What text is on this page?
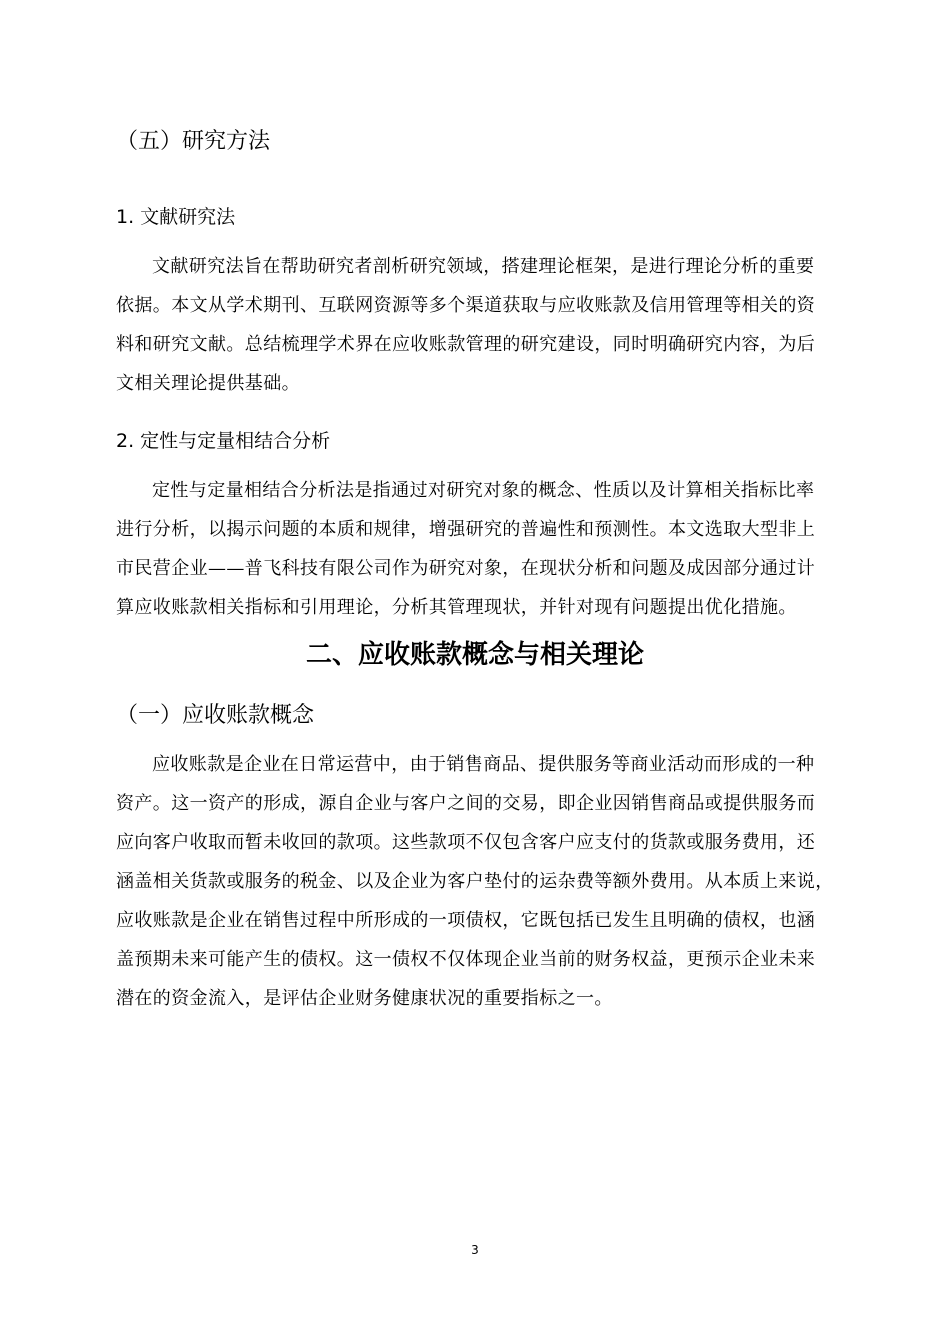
（五）研究方法
1. 文献研究法
文献研究法旨在帮助研究者剖析研究领域，搭建理论框架，是进行理论分析的重要
依据。本文从学术期刊、互联网资源等多个渠道获取与应收账款及信用管理等相关的资
料和研究文献。总结梳理学术界在应收账款管理的研究建设，同时明确研究内容，为后
文相关理论提供基础。
2. 定性与定量相结合分析
定性与定量相结合分析法是指通过对研究对象的概念、性质以及计算相关指标比率
进行分析，以揭示问题的本质和规律，增强研究的普遍性和预测性。本文选取大型非上
市民营企业——普飞科技有限公司作为研究对象，在现状分析和问题及成因部分通过计
算应收账款相关指标和引用理论，分析其管理现状，并针对现有问题提出优化措施。
二、应收账款概念与相关理论
（一）应收账款概念
应收账款是企业在日常运营中，由于销售商品、提供服务等商业活动而形成的一种
资产。这一资产的形成，源自企业与客户之间的交易，即企业因销售商品或提供服务而
应向客户收取而暂未收回的款项。这些款项不仅包含客户应支付的货款或服务费用，还
涵盖相关货款或服务的税金、以及企业为客户垫付的运杂费等额外费用。从本质上来说，
应收账款是企业在销售过程中所形成的一项债权，它既包括已发生且明确的债权，也涵
盖预期未来可能产生的债权。这一债权不仅体现企业当前的财务权益，更预示企业未来
潜在的资金流入，是评估企业财务健康状况的重要指标之一。
3
